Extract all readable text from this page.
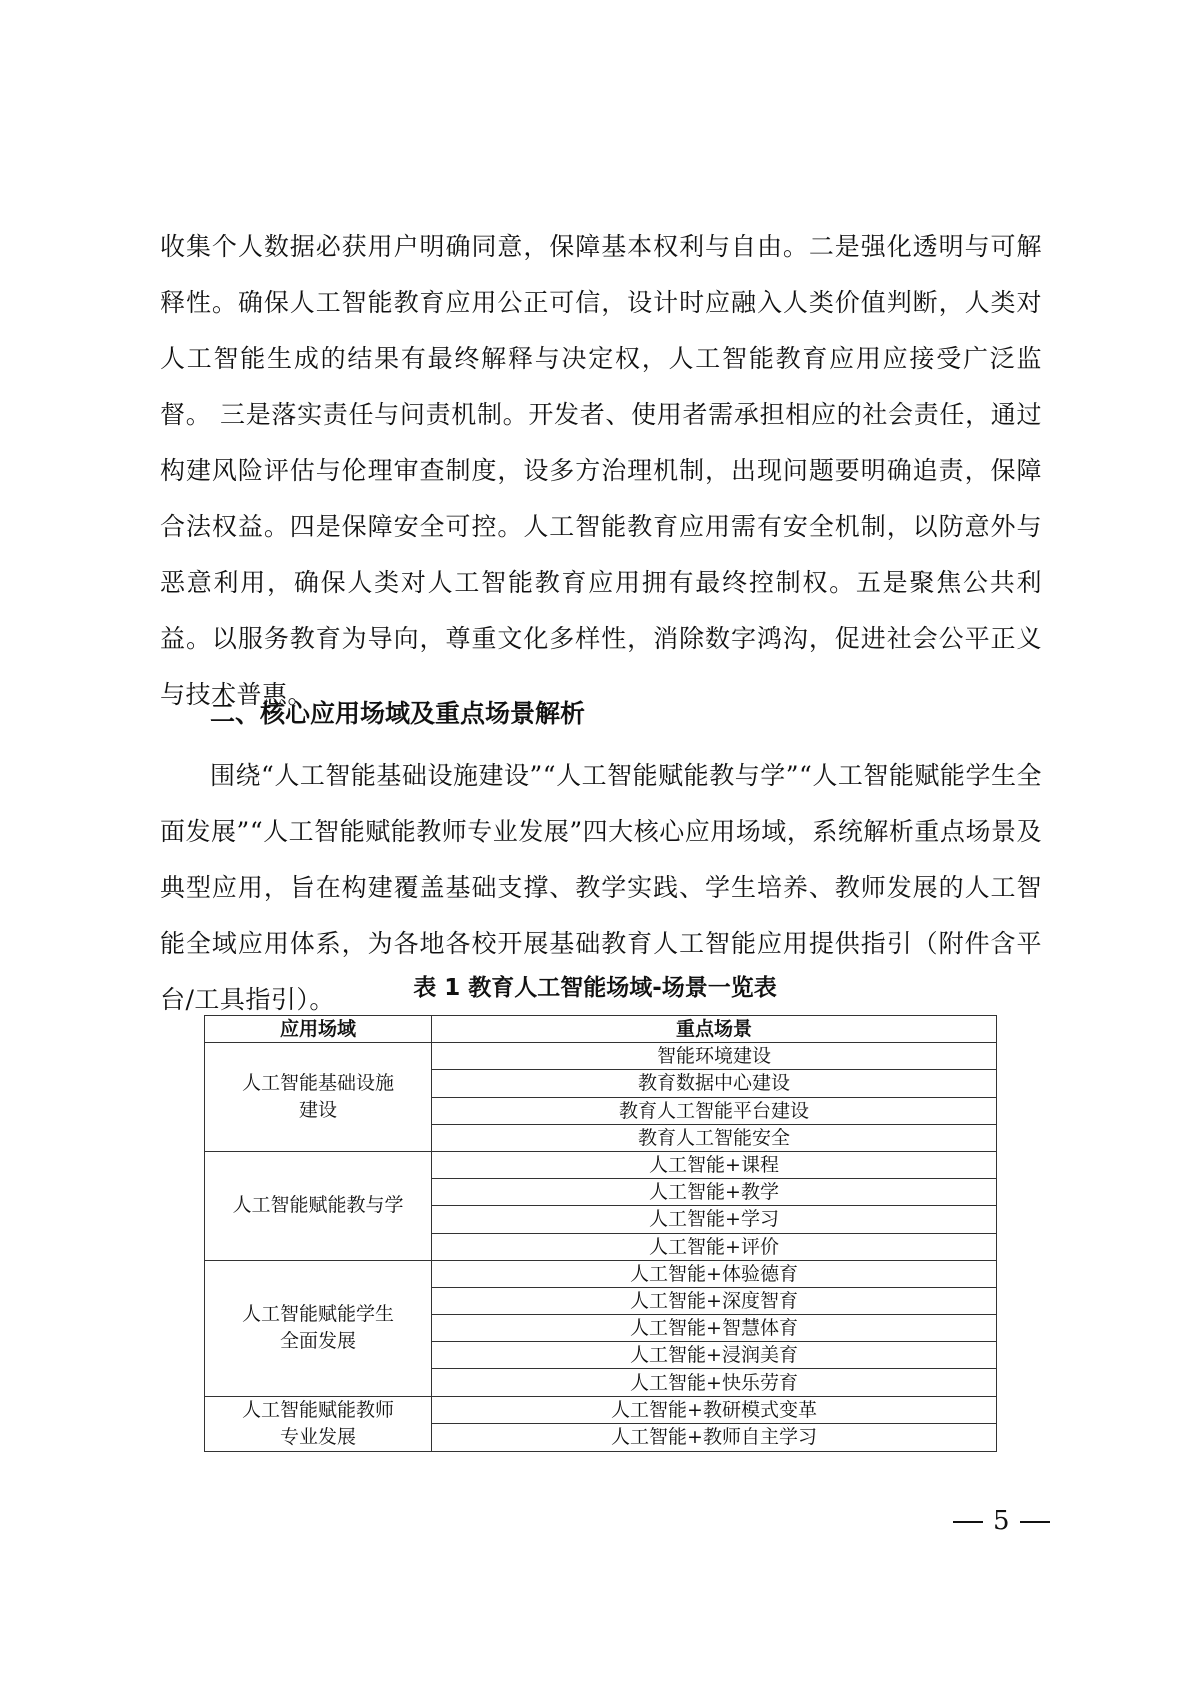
收集个人数据必获用户明确同意，保障基本权利与自由。二是强化透明与可解释性。确保人工智能教育应用公正可信，设计时应融入人类价值判断，人类对人工智能生成的结果有最终解释与决定权，人工智能教育应用应接受广泛监督。 三是落实责任与问责机制。开发者、使用者需承担相应的社会责任，通过构建风险评估与伦理审查制度，设多方治理机制，出现问题要明确追责，保障合法权益。四是保障安全可控。人工智能教育应用需有安全机制，以防意外与恶意利用，确保人类对人工智能教育应用拥有最终控制权。五是聚焦公共利益。以服务教育为导向，尊重文化多样性，消除数字鸿沟，促进社会公平正义与技术普惠。
二、核心应用场域及重点场景解析
围绕“人工智能基础设施建设”“人工智能赋能教与学”“人工智能赋能学生全面发展”“人工智能赋能教师专业发展”四大核心应用场域，系统解析重点场景及典型应用，旨在构建覆盖基础支撑、教学实践、学生培养、教师发展的人工智能全域应用体系，为各地各校开展基础教育人工智能应用提供指引（附件含平台/工具指引）。	表 1 教育人工智能场域-场景一览表
应用场域	重点场景

人工智能基础设施
建设	智能环境建设
	教育数据中心建设
	教育人工智能平台建设
	教育人工智能安全

人工智能赋能教与学	人工智能+课程
	人工智能+教学
	人工智能+学习
	人工智能+评价

人工智能赋能学生
全面发展	人工智能+体验德育
	人工智能+深度智育
	人工智能+智慧体育
	人工智能+浸润美育
	人工智能+快乐劳育

人工智能赋能教师
专业发展	人工智能+教研模式变革
	人工智能+教师自主学习
5
